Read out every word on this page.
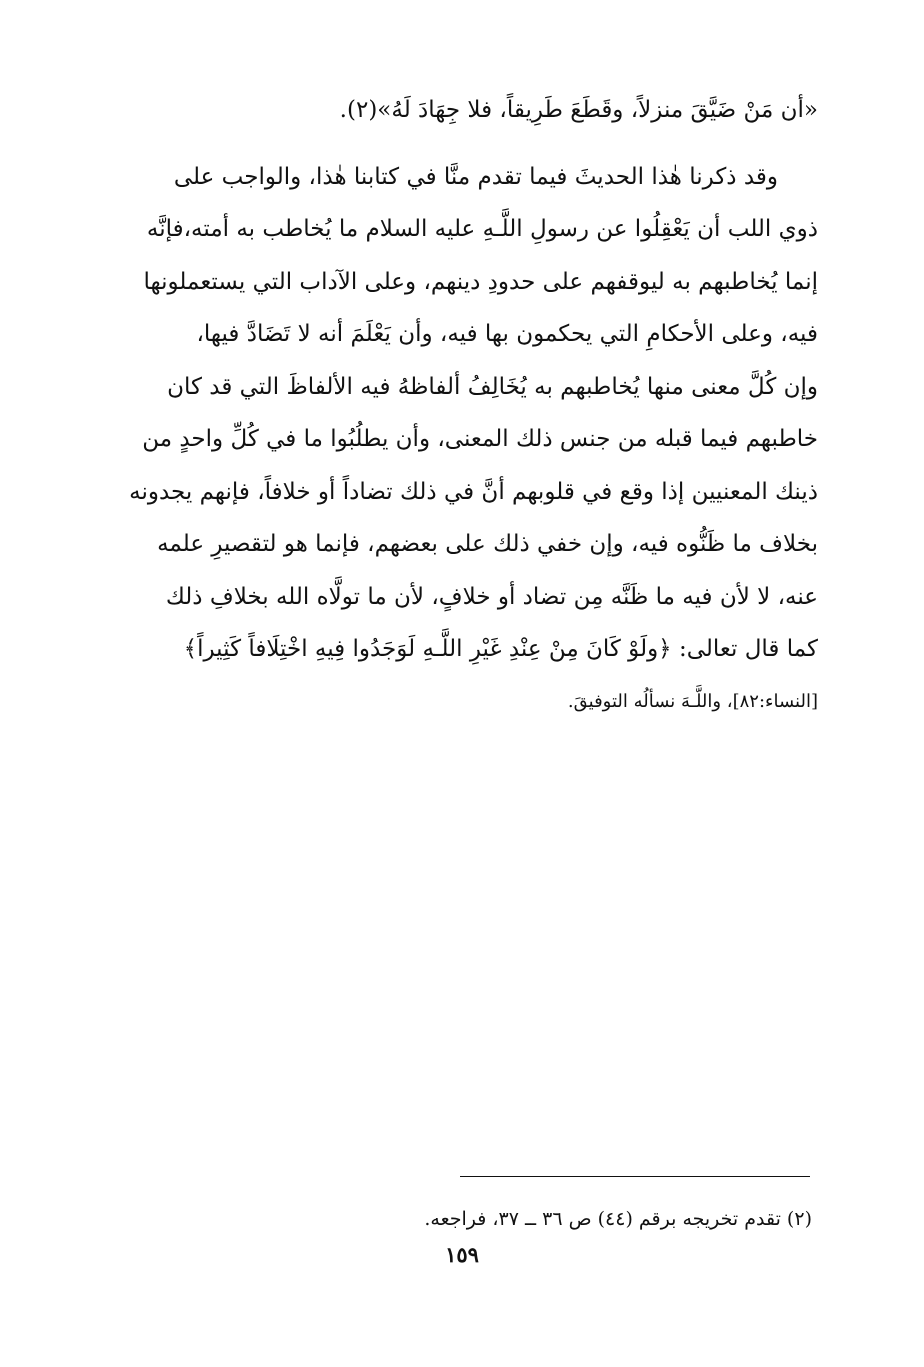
«أن مَنْ ضَيَّقَ منزلاً، وقَطَعَ طَرِيقاً، فلا جِهَادَ لَهُ»(٢).
وقد ذكرنا هٰذا الحديثَ فيما تقدم منَّا في كتابنا هٰذا، والواجب على
ذوي اللب أن يَعْقِلُوا عن رسولِ اللَّـهِ عليه السلام ما يُخاطب به أمته،فإنَّه
إنما يُخاطبهم به ليوقفهم على حدودِ دينهم، وعلى الآداب التي يستعملونها
فيه، وعلى الأحكامِ التي يحكمون بها فيه، وأن يَعْلَمَ أنه لا تَضَادَّ فيها،
وإن كُلَّ معنى منها يُخاطبهم به يُخَالِفُ ألفاظهُ فيه الألفاظَ التي قد كان
خاطبهم فيما قبله من جنس ذلك المعنى، وأن يطلُبُوا ما في كُلِّ واحدٍ من
ذينك المعنيين إذا وقع في قلوبهم أنَّ في ذلك تضاداً أو خلافاً، فإنهم يجدونه
بخلاف ما ظَنُّوه فيه، وإن خفي ذلك على بعضهم، فإنما هو لتقصيرِ علمه
عنه، لا لأن فيه ما ظَنَّه مِن تضاد أو خلافٍ، لأن ما تولَّاه الله بخلافِ ذلك
كما قال تعالى: ﴿ولَوْ كَانَ مِنْ عِنْدِ غَيْرِ اللَّـهِ لَوَجَدُوا فِيهِ اخْتِلَافاً كَثِيراً﴾
[النساء:٨٢]، واللَّـهَ نسألُه التوفيقَ.
(٢) تقدم تخريجه برقم (٤٤) ص ٣٦ ــ ٣٧، فراجعه.
١٥٩
